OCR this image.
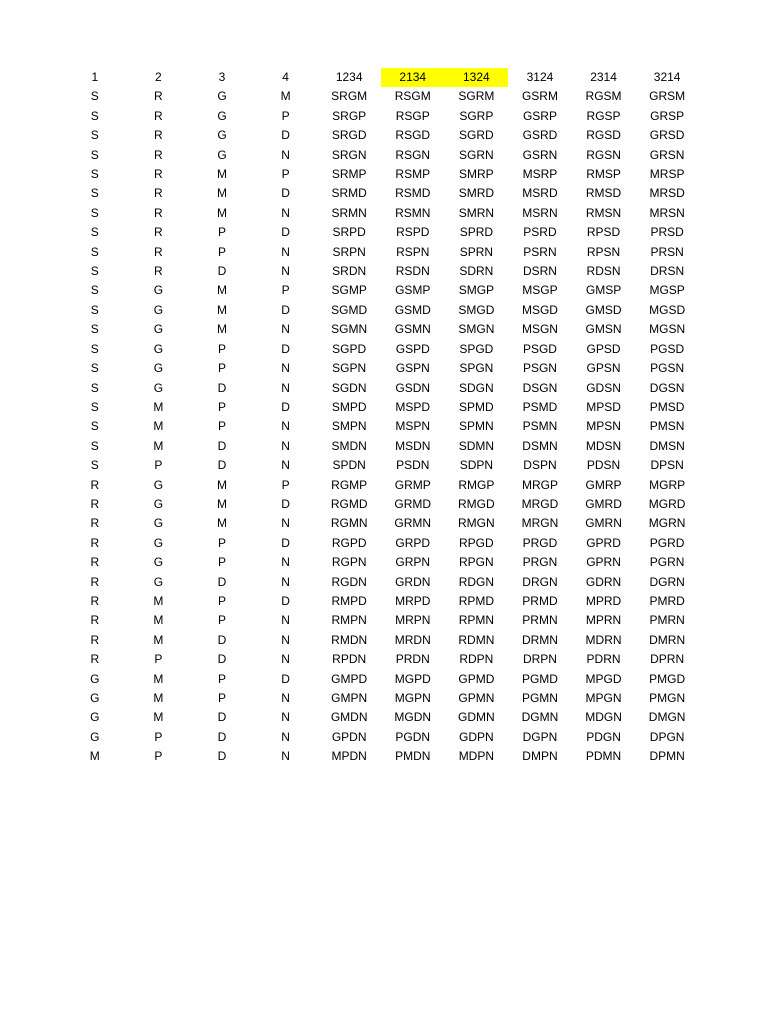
1	2	3	4	1234	2134	1324	3124	2314	3214
S	R	G	M	SRGM	RSGM	SGRM	GSRM	RGSM	GRSM
S	R	G	P	SRGP	RSGP	SGRP	GSRP	RGSP	GRSP
S	R	G	D	SRGD	RSGD	SGRD	GSRD	RGSD	GRSD
S	R	G	N	SRGN	RSGN	SGRN	GSRN	RGSN	GRSN
S	R	M	P	SRMP	RSMP	SMRP	MSRP	RMSP	MRSP
S	R	M	D	SRMD	RSMD	SMRD	MSRD	RMSD	MRSD
S	R	M	N	SRMN	RSMN	SMRN	MSRN	RMSN	MRSN
S	R	P	D	SRPD	RSPD	SPRD	PSRD	RPSD	PRSD
S	R	P	N	SRPN	RSPN	SPRN	PSRN	RPSN	PRSN
S	R	D	N	SRDN	RSDN	SDRN	DSRN	RDSN	DRSN
S	G	M	P	SGMP	GSMP	SMGP	MSGP	GMSP	MGSP
S	G	M	D	SGMD	GSMD	SMGD	MSGD	GMSD	MGSD
S	G	M	N	SGMN	GSMN	SMGN	MSGN	GMSN	MGSN
S	G	P	D	SGPD	GSPD	SPGD	PSGD	GPSD	PGSD
S	G	P	N	SGPN	GSPN	SPGN	PSGN	GPSN	PGSN
S	G	D	N	SGDN	GSDN	SDGN	DSGN	GDSN	DGSN
S	M	P	D	SMPD	MSPD	SPMD	PSMD	MPSD	PMSD
S	M	P	N	SMPN	MSPN	SPMN	PSMN	MPSN	PMSN
S	M	D	N	SMDN	MSDN	SDMN	DSMN	MDSN	DMSN
S	P	D	N	SPDN	PSDN	SDPN	DSPN	PDSN	DPSN
R	G	M	P	RGMP	GRMP	RMGP	MRGP	GMRP	MGRP
R	G	M	D	RGMD	GRMD	RMGD	MRGD	GMRD	MGRD
R	G	M	N	RGMN	GRMN	RMGN	MRGN	GMRN	MGRN
R	G	P	D	RGPD	GRPD	RPGD	PRGD	GPRD	PGRD
R	G	P	N	RGPN	GRPN	RPGN	PRGN	GPRN	PGRN
R	G	D	N	RGDN	GRDN	RDGN	DRGN	GDRN	DGRN
R	M	P	D	RMPD	MRPD	RPMD	PRMD	MPRD	PMRD
R	M	P	N	RMPN	MRPN	RPMN	PRMN	MPRN	PMRN
R	M	D	N	RMDN	MRDN	RDMN	DRMN	MDRN	DMRN
R	P	D	N	RPDN	PRDN	RDPN	DRPN	PDRN	DPRN
G	M	P	D	GMPD	MGPD	GPMD	PGMD	MPGD	PMGD
G	M	P	N	GMPN	MGPN	GPMN	PGMN	MPGN	PMGN
G	M	D	N	GMDN	MGDN	GDMN	DGMN	MDGN	DMGN
G	P	D	N	GPDN	PGDN	GDPN	DGPN	PDGN	DPGN
M	P	D	N	MPDN	PMDN	MDPN	DMPN	PDMN	DPMN
